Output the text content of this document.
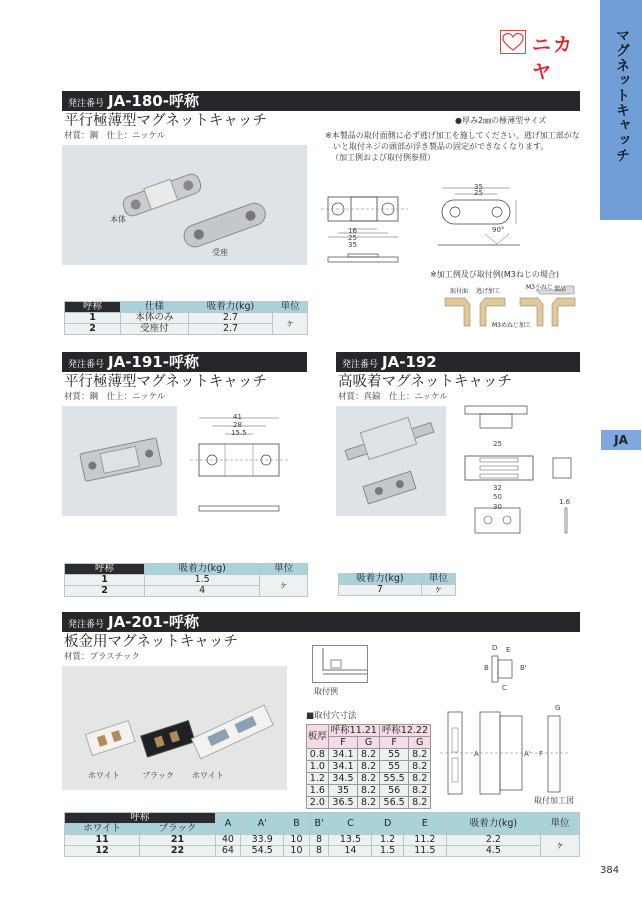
マグネットキャッチ
JA
ニカヤ
発注番号 JA-180-呼称
平行極薄型マグネットキャッチ
材質：鋼　仕上：ニッケル
●厚み2㎜の極薄型サイズ
※本製品の取付面側に必ず逃げ加工を施してください。逃げ加工部がな
いと取付ネジの頭部が浮き製品の固定ができなくなります。
（加工例および取付例参照）
本体
受座
35
25
90°
16
25
35
※加工例及び取付例(M3ねじの場合)
取付面 逃げ加工
M3小ねじ 製品
M3めねじ加工
呼称	仕様	吸着力(kg)	単位
1	本体のみ	2.7	ヶ
2	受座付	2.7	
発注番号 JA-191-呼称
平行極薄型マグネットキャッチ
材質：鋼　仕上：ニッケル
41
28
15.5
呼称	吸着力(kg)	単位
1	1.5	ヶ
2	4	
発注番号 JA-192
高吸着マグネットキャッチ
材質：真鍮　仕上：ニッケル
25
32
50
30
1.6
吸着力(kg)	単位
7	ヶ
発注番号 JA-201-呼称
板金用マグネットキャッチ
材質：プラスチック
ホワイト	ブラック ホワイト
取付例
■取付穴寸法
板厚	呼称11.21		呼称12.22	
	F	G	F	G
0.8	34.1	8.2	55	8.2
1.0	34.1	8.2	55	8.2
1.2	34.5	8.2	55.5	8.2
1.6	35	8.2	56	8.2
2.0	36.5	8.2	56.5	8.2
D E
B	B'
C
A	A' F
G
取付加工図
呼称		A	A'	B	B'	C	D	E	吸着力(kg)	単位
ホワイト	ブラック									
11	21	40	33.9	10	8	13.5	1.2	11.2	2.2	ヶ
12	22	64	54.5	10	8	14	1.5	11.5	4.5	
384
